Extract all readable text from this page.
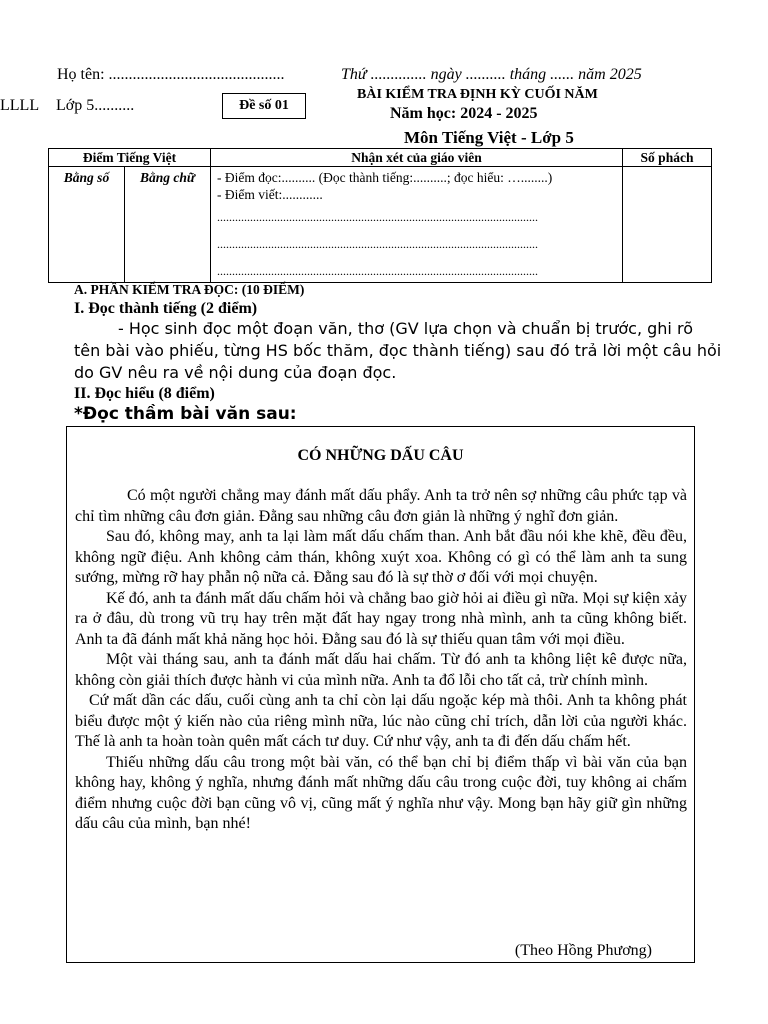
Họ tên: ............................................	Thứ .............. ngày .......... tháng ...... năm 2025
LLLL Lớp 5..........	Đề số 01
BÀI KIỂM TRA ĐỊNH KỲ CUỐI NĂM
Năm học: 2024 - 2025
Môn Tiếng Việt - Lớp 5
Điểm Tiếng Việt		Nhận xét của giáo viên	Số phách
Bằng số	Bằng chữ	- Điểm đọc:.......... (Đọc thành tiếng:..........; đọc hiểu: …........)
- Điểm viết:............
...........................................................................................................
...........................................................................................................
...........................................................................................................	

A. PHẦN KIỂM TRA ĐỌC: (10 ĐIỂM)
I. Đọc thành tiếng (2 điểm)
- Học sinh đọc một đoạn văn, thơ (GV lựa chọn và chuẩn bị trước, ghi rõ tên bài vào phiếu, từng HS bốc thăm, đọc thành tiếng) sau đó trả lời một câu hỏi do GV nêu ra về nội dung của đoạn đọc.
II. Đọc hiểu (8 điểm)
*Đọc thầm bài văn sau:
CÓ NHỮNG DẤU CÂU

Có một người chẳng may đánh mất dấu phẩy. Anh ta trở nên sợ những câu phức tạp và chỉ tìm những câu đơn giản. Đằng sau những câu đơn giản là những ý nghĩ đơn giản.

Sau đó, không may, anh ta lại làm mất dấu chấm than. Anh bắt đầu nói khe khẽ, đều đều, không ngữ điệu. Anh không cảm thán, không xuýt xoa. Không có gì có thể làm anh ta sung sướng, mừng rỡ hay phẫn nộ nữa cả. Đằng sau đó là sự thờ ơ đối với mọi chuyện.

Kế đó, anh ta đánh mất dấu chấm hỏi và chẳng bao giờ hỏi ai điều gì nữa. Mọi sự kiện xảy ra ở đâu, dù trong vũ trụ hay trên mặt đất hay ngay trong nhà mình, anh ta cũng không biết. Anh ta đã đánh mất khả năng học hỏi. Đằng sau đó là sự thiếu quan tâm với mọi điều.

Một vài tháng sau, anh ta đánh mất dấu hai chấm. Từ đó anh ta không liệt kê được nữa, không còn giải thích được hành vi của mình nữa. Anh ta đổ lỗi cho tất cả, trừ chính mình.

Cứ mất dần các dấu, cuối cùng anh ta chỉ còn lại dấu ngoặc kép mà thôi. Anh ta không phát biểu được một ý kiến nào của riêng mình nữa, lúc nào cũng chỉ trích, dẫn lời của người khác. Thế là anh ta hoàn toàn quên mất cách tư duy. Cứ như vậy, anh ta đi đến dấu chấm hết.

Thiếu những dấu câu trong một bài văn, có thể bạn chỉ bị điểm thấp vì bài văn của bạn không hay, không ý nghĩa, nhưng đánh mất những dấu câu trong cuộc đời, tuy không ai chấm điểm nhưng cuộc đời bạn cũng vô vị, cũng mất ý nghĩa như vậy. Mong bạn hãy giữ gìn những dấu câu của mình, bạn nhé!

(Theo Hồng Phương)
